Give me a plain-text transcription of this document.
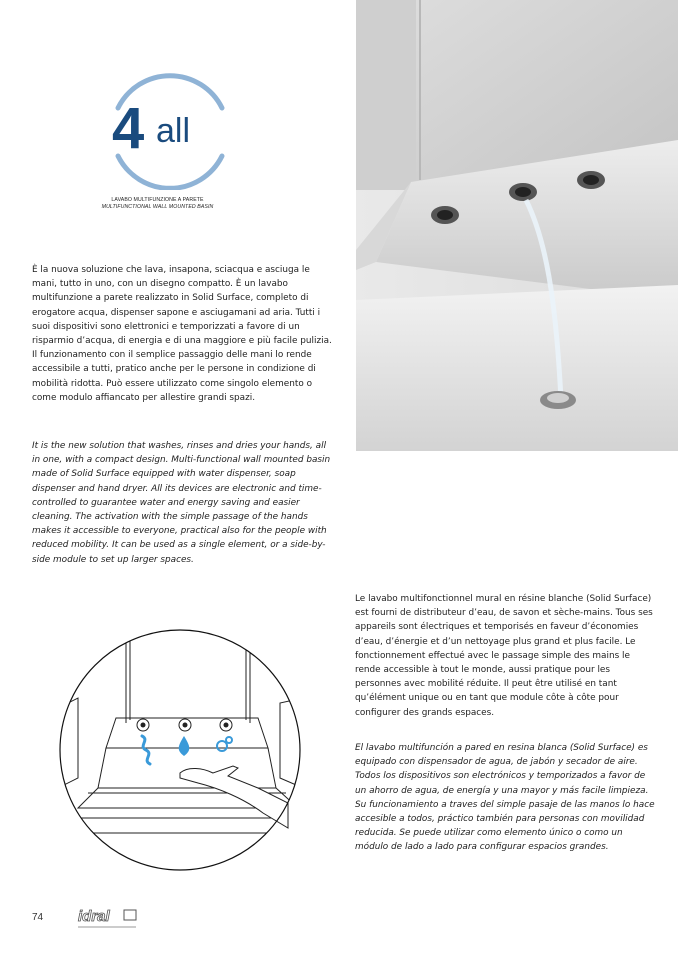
4 all
LAVABO MULTIFUNZIONE A PARETE
MULTIFUNCTIONAL WALL MOUNTED BASIN

È la nuova soluzione che lava, insapona, sciacqua e asciuga le mani, tutto in uno, con un disegno compatto. È un lavabo multifunzione a parete realizzato in Solid Surface, completo di erogatore acqua, dispenser sapone e asciugamani ad aria. Tutti i suoi dispositivi sono elettronici e temporizzati a favore di un risparmio d’acqua, di energia e di una maggiore e più facile pulizia. Il funzionamento con il semplice passaggio delle mani lo rende accessibile a tutti, pratico anche per le persone in condizione di mobilità ridotta. Può essere utilizzato come singolo elemento o come modulo affiancato per allestire grandi spazi.

It is the new solution that washes, rinses and dries your hands, all in one, with a compact design. Multi-functional wall mounted basin made of Solid Surface equipped with water dispenser, soap dispenser and hand dryer. All its devices are electronic and time-controlled to guarantee water and energy saving and easier cleaning. The activation with the simple passage of the hands makes it accessible to everyone, practical also for the people with reduced mobility. It can be used as a single element, or a side-by-side module to set up larger spaces.

Le lavabo multifonctionnel mural en résine blanche (Solid Surface) est fourni de distributeur d’eau, de savon et sèche-mains. Tous ses appareils sont électriques et temporisés en faveur d’économies d’eau, d’énergie et d’un nettoyage plus grand et plus facile. Le fonctionnement effectué avec le passage simple des mains le rende accessible à tout le monde, aussi pratique pour les personnes avec mobilité réduite. Il peut être utilisé en tant qu’élément unique ou en tant que module côte à côte pour configurer des grands espaces.

El lavabo multifunción a pared en resina blanca (Solid Surface) es equipado con dispensador de agua, de jabón y secador de aire. Todos los dispositivos son electrónicos y temporizados a favor de un ahorro de agua, de energía y una mayor y más facile limpieza. Su funcionamiento a traves del simple pasaje de las manos lo hace accesible a todos, práctico también para personas con movilidad reducida. Se puede utilizar como elemento único o como un módulo de lado a lado para configurar espacios grandes.

74 idral
